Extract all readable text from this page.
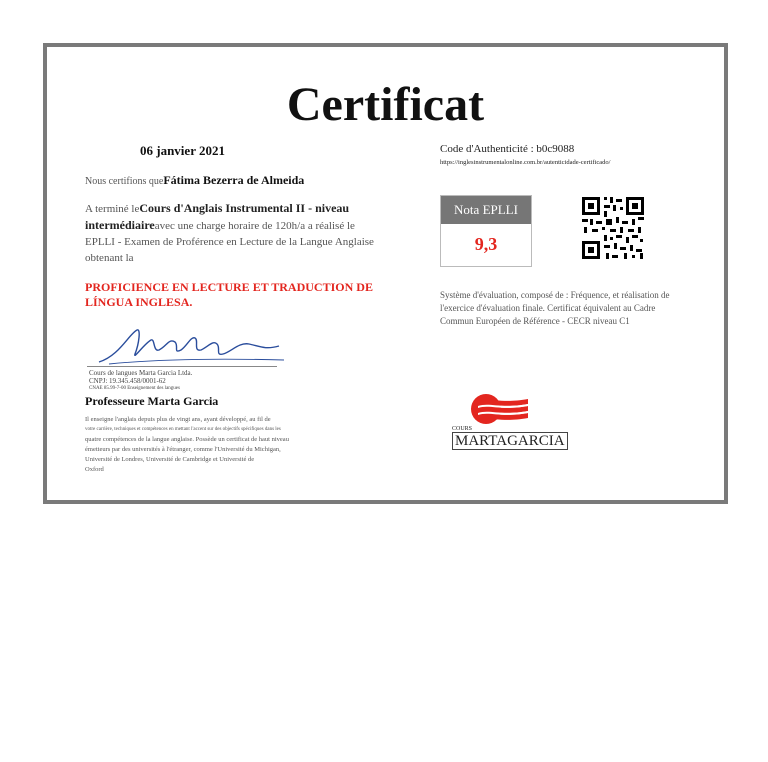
Certificat
06 janvier 2021
Nous certifions queFátima Bezerra de Almeida
A terminé leCours d'Anglais Instrumental II - niveau intermédiaireavec une charge horaire de 120h/a a réalisé le EPLLI - Examen de Proférence en Lecture de la Langue Anglaise obtenant la
PROFICIENCE EN LECTURE ET TRADUCTION DE LÍNGUA INGLESA.
Cours de langues Marta Garcia Ltda.
CNPJ: 19.345.458/0001-62
CNAE 85.99-7-00 Enseignement des langues
Professeure Marta Garcia
Il enseigne l'anglais depuis plus de vingt ans, ayant développé, au fil de
votre carrière, techniques et compétences en mettant l'accent sur des objectifs spécifiques dans les
quatre compétences de la langue anglaise. Possède un certificat de haut niveau
émetteurs par des universités à l'étranger, comme l'Université du Michigan,
Université de Londres, Université de Cambridge et Université de
Oxford
Code d'Authenticité : b0c9088
https://inglesinstrumentalonline.com.br/autenticidade-certificado/
Nota EPLLI
9,3
Système d'évaluation, composé de : Fréquence, et réalisation de l'exercice d'évaluation finale. Certificat équivalent au Cadre Commun Européen de Référence - CECR niveau C1
COURS
MARTAGARCIA
